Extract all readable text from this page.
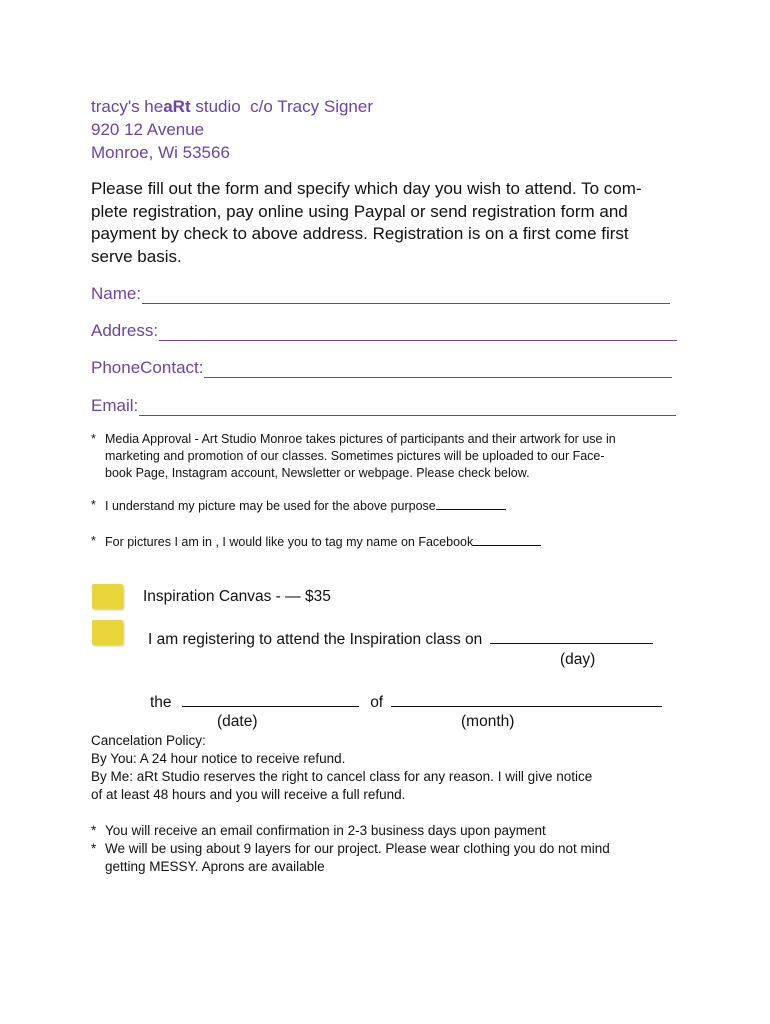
tracy's heaRt studio c/o Tracy Signer
920 12 Avenue
Monroe, Wi 53566
Please fill out the form and specify which day you wish to attend. To com-
plete registration, pay online using Paypal or send registration form and
payment by check to above address. Registration is on a first come first
serve basis.
Name:
Address:
PhoneContact:
Email:
* Media Approval - Art Studio Monroe takes pictures of participants and their artwork for use in
marketing and promotion of our classes. Sometimes pictures will be uploaded to our Face-
book Page, Instagram account, Newsletter or webpage. Please check below.
* I understand my picture may be used for the above purpose
* For pictures I am in , I would like you to tag my name on Facebook
Inspiration Canvas - — $35
I am registering to attend the Inspiration class on
(day)
the	of
(date)	(month)
Cancelation Policy:
By You: A 24 hour notice to receive refund.
By Me: aRt Studio reserves the right to cancel class for any reason. I will give notice
of at least 48 hours and you will receive a full refund.
* You will receive an email confirmation in 2-3 business days upon payment
* We will be using about 9 layers for our project. Please wear clothing you do not mind
getting MESSY. Aprons are available
